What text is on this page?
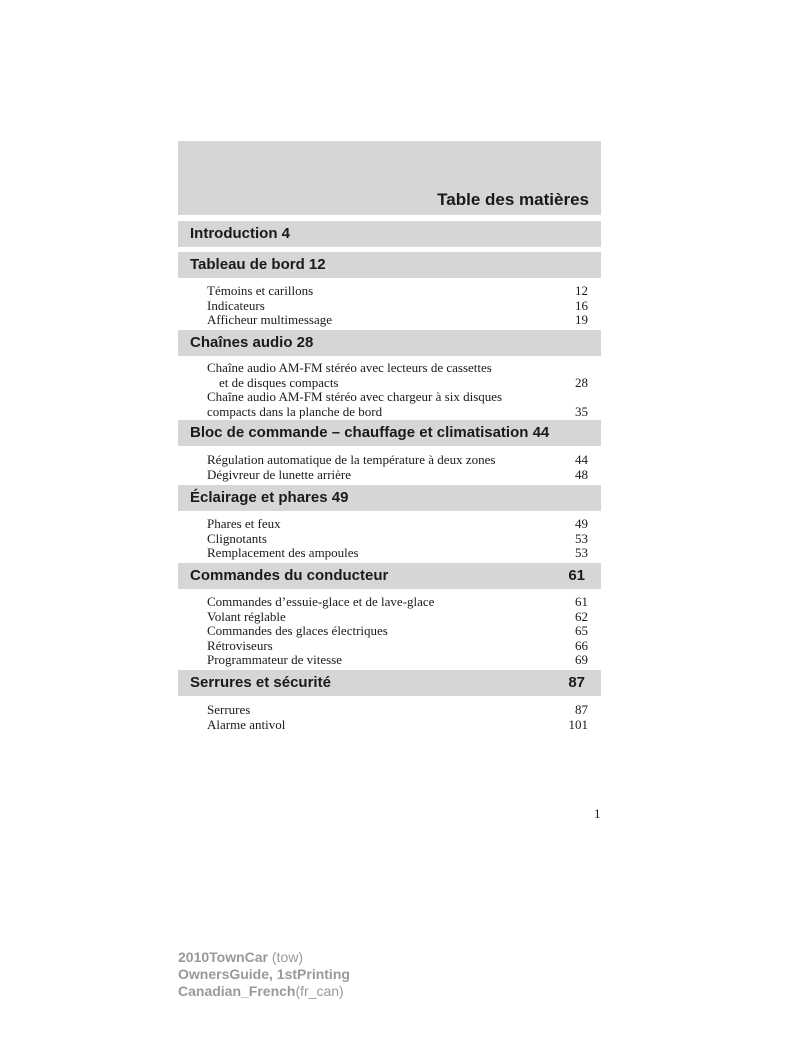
Table des matières
Introduction 4
Tableau de bord 12
Témoins et carillons	12
Indicateurs	16
Afficheur multimessage	19
Chaînes audio 28
Chaîne audio AM-FM stéréo avec lecteurs de cassettes
et de disques compacts	28
Chaîne audio AM-FM stéréo avec chargeur à six disques
compacts dans la planche de bord	35
Bloc de commande – chauffage et climatisation 44
Régulation automatique de la température à deux zones	44
Dégivreur de lunette arrière	48
Éclairage et phares 49
Phares et feux	49
Clignotants	53
Remplacement des ampoules	53
Commandes du conducteur	61
Commandes d’essuie-glace et de lave-glace	61
Volant réglable	62
Commandes des glaces électriques	65
Rétroviseurs	66
Programmateur de vitesse	69
Serrures et sécurité	87
Serrures	87
Alarme antivol	101
1
2010TownCar (tow)
OwnersGuide, 1stPrinting
Canadian_French(fr_can)
